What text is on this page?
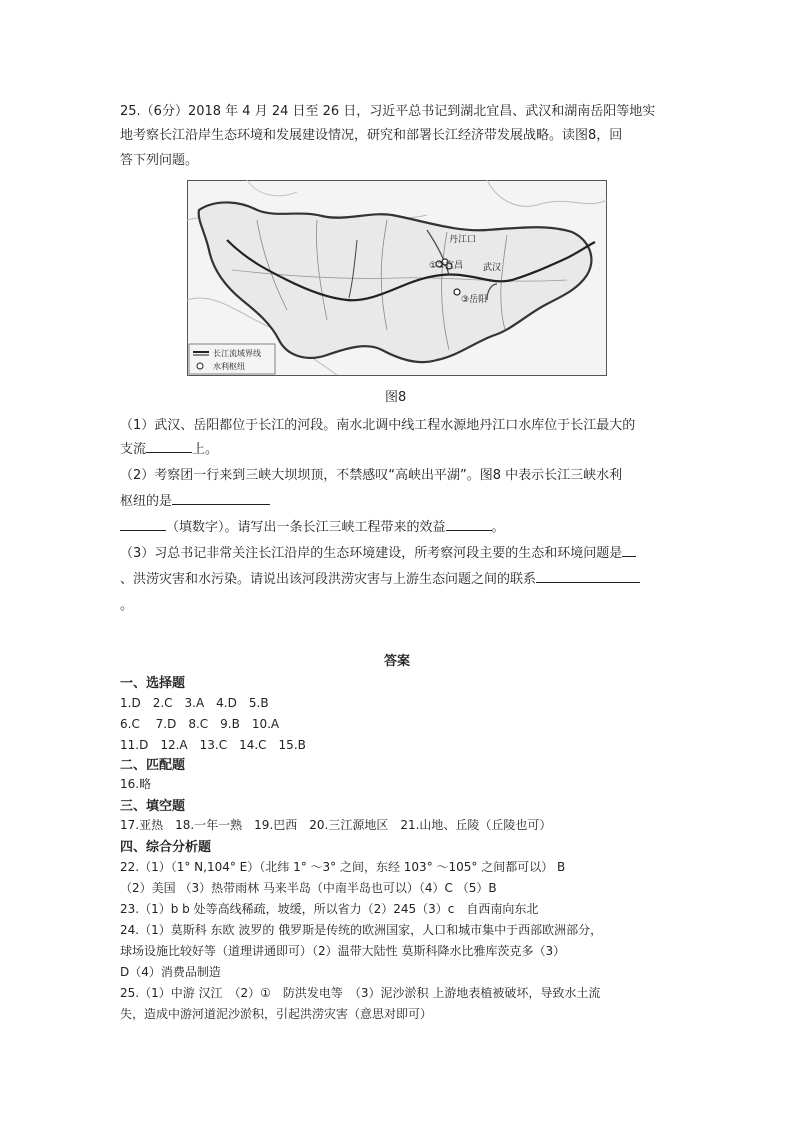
25.（6分）2018 年 4 月 24 日至 26 日，习近平总书记到湖北宜昌、武汉和湖南岳阳等地实
地考察长江沿岸生态环境和发展建设情况，研究和部署长江经济带发展战略。读图8，回
答下列问题。
丹江口
①②宜昌 武汉
③岳阳
长江流域界线
水利枢纽
图8
（1）武汉、岳阳都位于长江的河段。南水北调中线工程水源地丹江口水库位于长江最大的
支流	上。
（2）考察团一行来到三峡大坝坝顶，不禁感叹“高峡出平湖”。图8 中表示长江三峡水利
枢纽的是
（填数字）。请写出一条长江三峡工程带来的效益	。
（3）习总书记非常关注长江沿岸的生态环境建设，所考察河段主要的生态和环境问题是
、洪涝灾害和水污染。请说出该河段洪涝灾害与上游生态问题之间的联系
。
答案
一、选择题
1.D　2.C　3.A　4.D　5.B
6.C　 7.D　8.C　9.B　10.A
11.D　12.A　13.C　14.C　15.B
二、匹配题
16.略
三、填空题
17.亚热　18.一年一熟　19.巴西　20.三江源地区　21.山地、丘陵（丘陵也可）
四、综合分析题
22.（1）（1° N,104° E）（北纬 1° ～3° 之间，东经 103° ～105° 之间都可以） B
（2）美国 （3）热带雨林 马来半岛（中南半岛也可以）（4）C （5）B
23.（1）b b 处等高线稀疏，坡缓，所以省力（2）245（3）c　自西南向东北
24.（1）莫斯科 东欧 波罗的 俄罗斯是传统的欧洲国家，人口和城市集中于西部欧洲部分，
球场设施比较好等（道理讲通即可）（2）温带大陆性 莫斯科降水比雅库茨克多（3）
D（4）消费品制造
25.（1）中游 汉江　（2）①　防洪发电等　（3）泥沙淤积 上游地表植被破坏，导致水土流
失，造成中游河道泥沙淤积，引起洪涝灾害（意思对即可）
